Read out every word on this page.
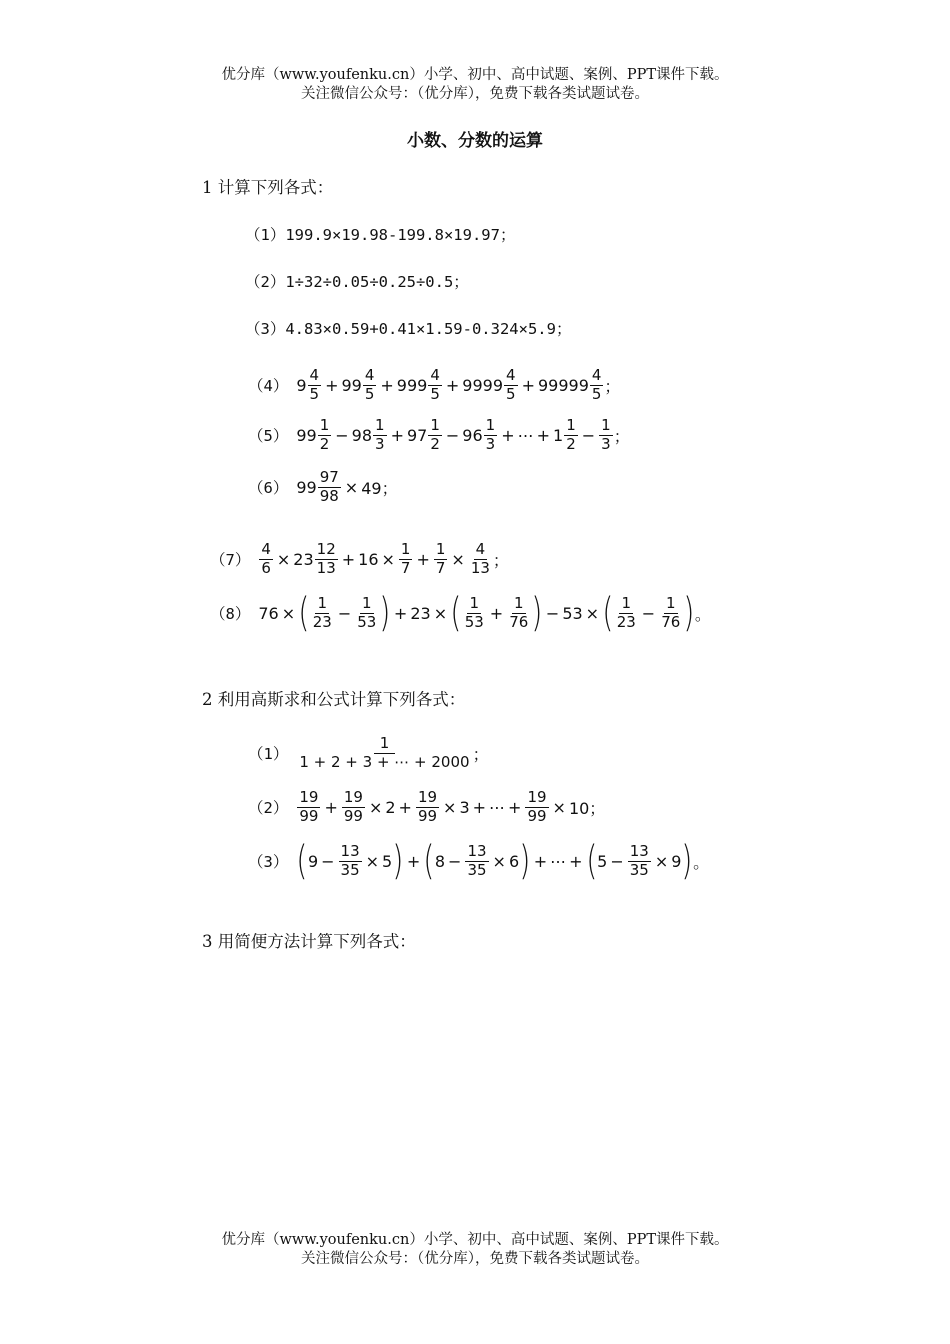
优分库（www.youfenku.cn）小学、初中、高中试题、案例、PPT课件下载。
关注微信公众号：（优分库），免费下载各类试题试卷。
小数、分数的运算
1 计算下列各式：
（1）199.9×19.98-199.8×19.97；
（2）1÷32÷0.05÷0.25÷0.5；
（3）4.83×0.59+0.41×1.59-0.324×5.9；
（4） $9 \frac{4}{5} + 99 \frac{4}{5} + 999 \frac{4}{5} + 9999 \frac{4}{5} + 99999 \frac{4}{5}$ ；
（5） $99 \frac{1}{2} - 98 \frac{1}{3} + 97 \frac{1}{2} - 96 \frac{1}{3}$ + ⋯ + $1 \frac{1}{2} - \frac{1}{3}$ ；
（6） $99 \frac{97}{98} \times 49$；
$(7) \frac{4}{6} \times 23 \frac{12}{13} + 16 \times \frac{1}{7} + \frac{1}{7} \times \frac{4}{13}$ ；
（8） 76 × ( $\frac{1}{23} - \frac{1}{53}$ ) + 23 × ( $\frac{1}{53} + \frac{1}{76}$ ) − 53 × ( $\frac{1}{23} - \frac{1}{76}$ ) 。
2 利用高斯求和公式计算下列各式：
$(1) \frac{1}{1 + 2 + 3 + \cdots + 2000}$ ；
$(2) \frac{19}{99} + \frac{19}{99} \times 2 + \frac{19}{99} \times 3$ + ⋯ + $\frac{19}{99} \times 10$；
（3） ( $9 - \frac{13}{35} \times 5$ ) + ( $8 - \frac{13}{35} \times 6$ ) + ⋯ + ( $5 - \frac{13}{35} \times 9$ ) 。
3 用简便方法计算下列各式：
优分库（www.youfenku.cn）小学、初中、高中试题、案例、PPT课件下载。
关注微信公众号：（优分库），免费下载各类试题试卷。
